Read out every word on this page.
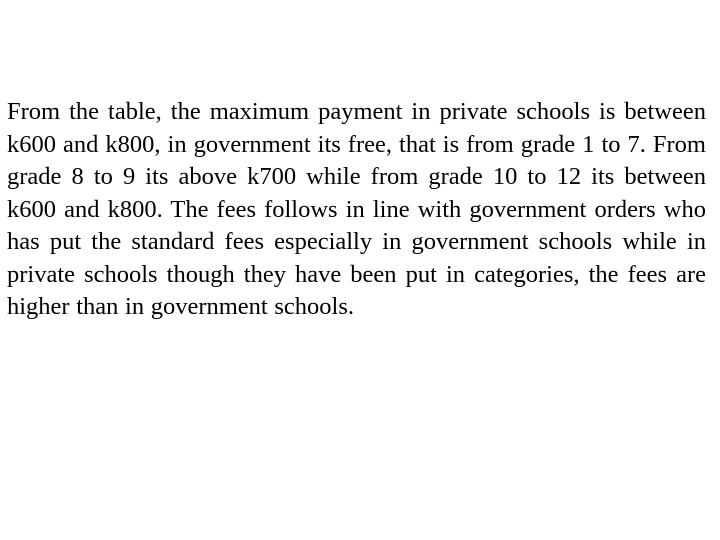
From the table, the maximum payment in private schools is between k600 and k800, in government its free, that is from grade 1 to 7. From grade 8 to 9 its above k700 while from grade 10 to 12 its between k600 and k800. The fees follows in line with government orders who has put the standard fees especially in government schools while in private schools though they have been put in categories, the fees are higher than in government schools.
